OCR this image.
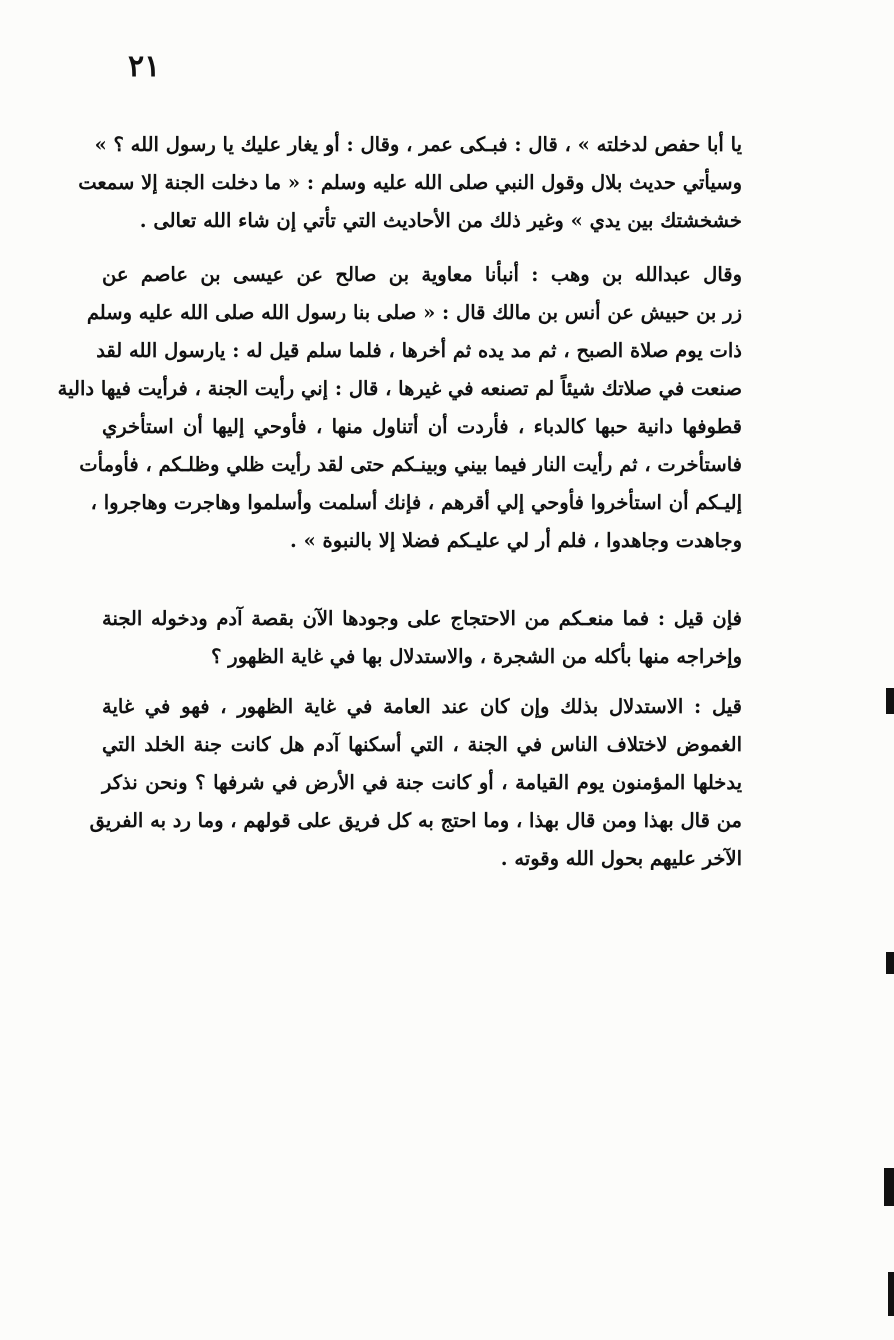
٢١
يا أبا حفص لدخلته » ، قال : فبـكى عمر ، وقال : أو يغار عليك يا رسول الله ؟ »
وسيأتي حديث بلال وقول النبي صلى الله عليه وسلم : « ما دخلت الجنة إلا سمعت
خشخشتك بين يدي » وغير ذلك من الأحاديث التي تأتي إن شاء الله تعالى .
وقال عبدالله بن وهب : أنبأنا معاوية بن صالح عن عيسى بن عاصم عن
زر بن حبيش عن أنس بن مالك قال : « صلى بنا رسول الله صلى الله عليه وسلم
ذات يوم صلاة الصبح ، ثم مد يده ثم أخرها ، فلما سلم قيل له : يارسول الله لقد
صنعت في صلاتك شيئاً لم تصنعه في غيرها ، قال : إني رأيت الجنة ، فرأيت فيها دالية
قطوفها دانية حبها كالدباء ، فأردت أن أتناول منها ، فأوحي إليها أن استأخري
فاستأخرت ، ثم رأيت النار فيما بيني وبينـكم حتى لقد رأيت ظلي وظلـكم ، فأومأت
إليـكم أن استأخروا فأوحي إلي أقرهم ، فإنك أسلمت وأسلموا وهاجرت وهاجروا ،
وجاهدت وجاهدوا ، فلم أر لي عليـكم فضلا إلا بالنبوة » .
فإن قيل : فما منعـكم من الاحتجاج على وجودها الآن بقصة آدم ودخوله الجنة
وإخراجه منها بأكله من الشجرة ، والاستدلال بها في غاية الظهور ؟
قيل : الاستدلال بذلك وإن كان عند العامة في غاية الظهور ، فهو في غاية
الغموض لاختلاف الناس في الجنة ، التي أسكنها آدم هل كانت جنة الخلد التي
يدخلها المؤمنون يوم القيامة ، أو كانت جنة في الأرض في شرفها ؟ ونحن نذكر
من قال بهذا ومن قال بهذا ، وما احتج به كل فريق على قولهم ، وما رد به الفريق
الآخر عليهم بحول الله وقوته .
